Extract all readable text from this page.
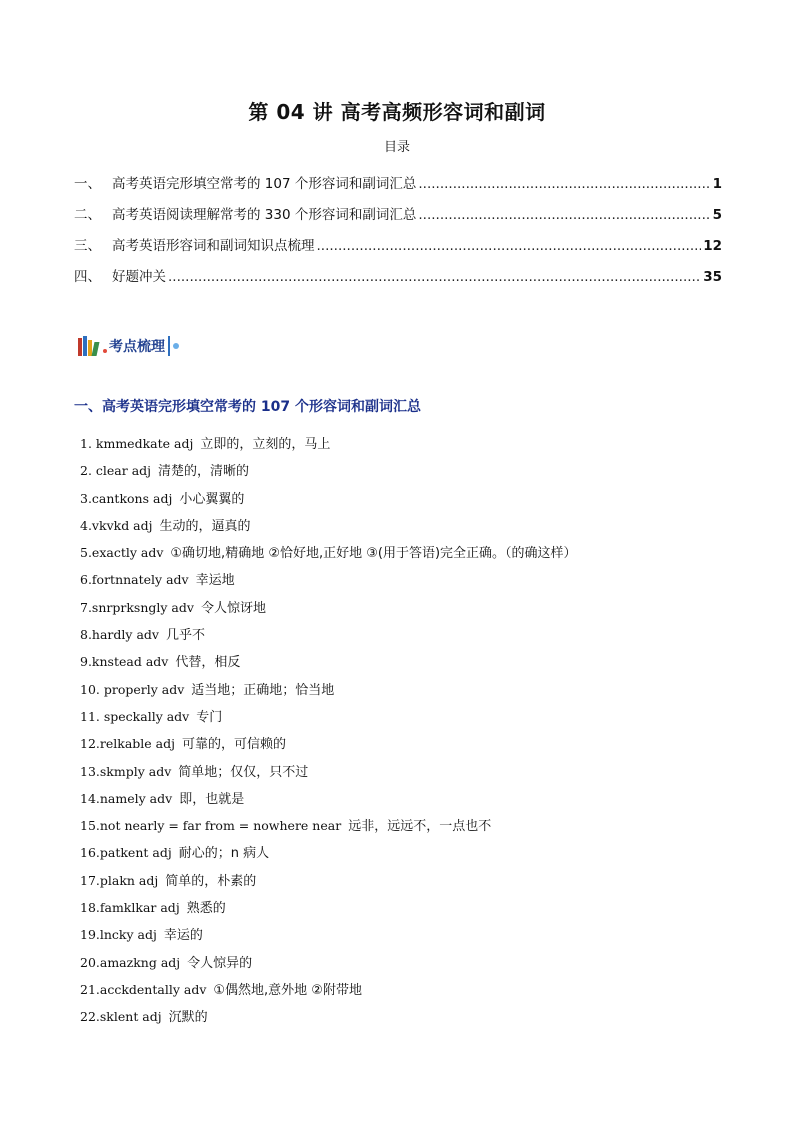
第 04 讲 高考高频形容词和副词
目录
一、 高考英语完形填空常考的 107 个形容词和副词汇总 .....	1
二、 高考英语阅读理解常考的 330 个形容词和副词汇总 .....	5
三、 高考英语形容词和副词知识点梳理 .....	12
四、 好题冲关 .....	35
考点梳理
一、高考英语完形填空常考的 107 个形容词和副词汇总
1. kmmedkate adj 立即的，立刻的，马上
2. clear adj 清楚的，清晰的
3.cantkons adj 小心翼翼的
4.vkvkd adj 生动的，逼真的
5.exactly adv ①确切地,精确地 ②恰好地,正好地 ③(用于答语)完全正确。（的确这样）
6.fortnnately adv 幸运地
7.snrprksngly adv 令人惊讶地
8.hardly adv 几乎不
9.knstead adv 代替，相反
10. properly adv 适当地；正确地；恰当地
11. speckally adv 专门
12.relkable adj 可靠的，可信赖的
13.skmply adv 简单地；仅仅，只不过
14.namely adv 即，也就是
15.not nearly = far from = nowhere near 远非，远远不，一点也不
16.patkent adj 耐心的；n 病人
17.plakn adj 简单的，朴素的
18.famklkar adj 熟悉的
19.lncky adj 幸运的
20.amazkng adj 令人惊异的
21.acckdentally adv ①偶然地,意外地 ②附带地
22.sklent adj 沉默的
